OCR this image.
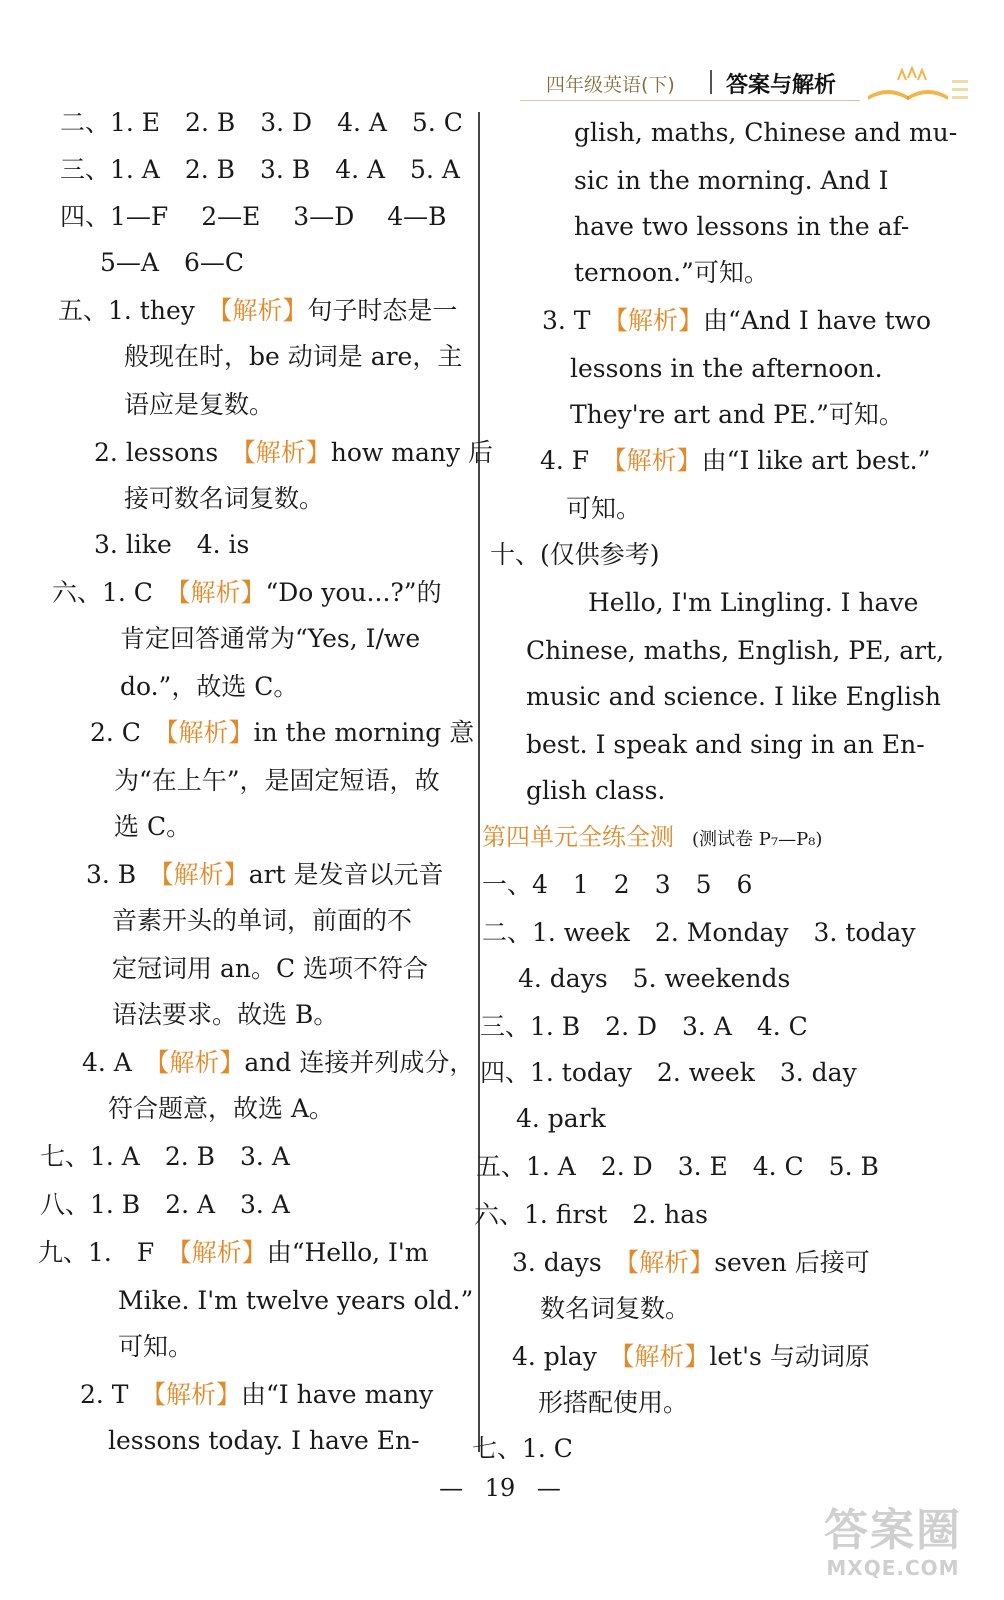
四年级英语(下) 答案与解析
二、1. E　2. B　3. D　4. A　5. C
三、1. A　2. B　3. B　4. A　5. A
四、1—F　 2—E　 3—D　 4—B
5—A　6—C
五、1. they　【解析】句子时态是一
般现在时，be 动词是 are，主
语应是复数。
2. lessons　【解析】how many 后
接可数名词复数。
3. like　4. is
六、1. C　【解析】“Do you...?”的
肯定回答通常为“Yes, I/we
do.”，故选 C。
2. C　【解析】in the morning 意
为“在上午”，是固定短语，故
选 C。
3. B　【解析】art 是发音以元音
音素开头的单词，前面的不
定冠词用 an。C 选项不符合
语法要求。故选 B。
4. A　【解析】and 连接并列成分，
符合题意，故选 A。
七、1. A　2. B　3. A
八、1. B　2. A　3. A
九、1.　F　【解析】由“Hello, I'm
Mike. I'm twelve years old.”
可知。
2. T　【解析】由“I have many
lessons today. I have En-
glish, maths, Chinese and mu-
sic in the morning. And I
have two lessons in the af-
ternoon.”可知。
3. T　【解析】由“And I have two
lessons in the afternoon.
They're art and PE.”可知。
4. F　【解析】由“I like art best.”
可知。
十、(仅供参考)
Hello, I'm Lingling. I have
Chinese, maths, English, PE, art,
music and science. I like English
best. I speak and sing in an En-
glish class.
第四单元全练全测 (测试卷 P₇—P₈)
一、4　1　2　3　5　6
二、1. week　2. Monday　3. today
4. days　5. weekends
三、1. B　2. D　3. A　4. C
四、1. today　2. week　3. day
4. park
五、1. A　2. D　3. E　4. C　5. B
六、1. first　2. has
3. days　【解析】seven 后接可
数名词复数。
4. play　【解析】let's 与动词原
形搭配使用。
七、1. C
— 19 —
答案圈
MXQE.COM
